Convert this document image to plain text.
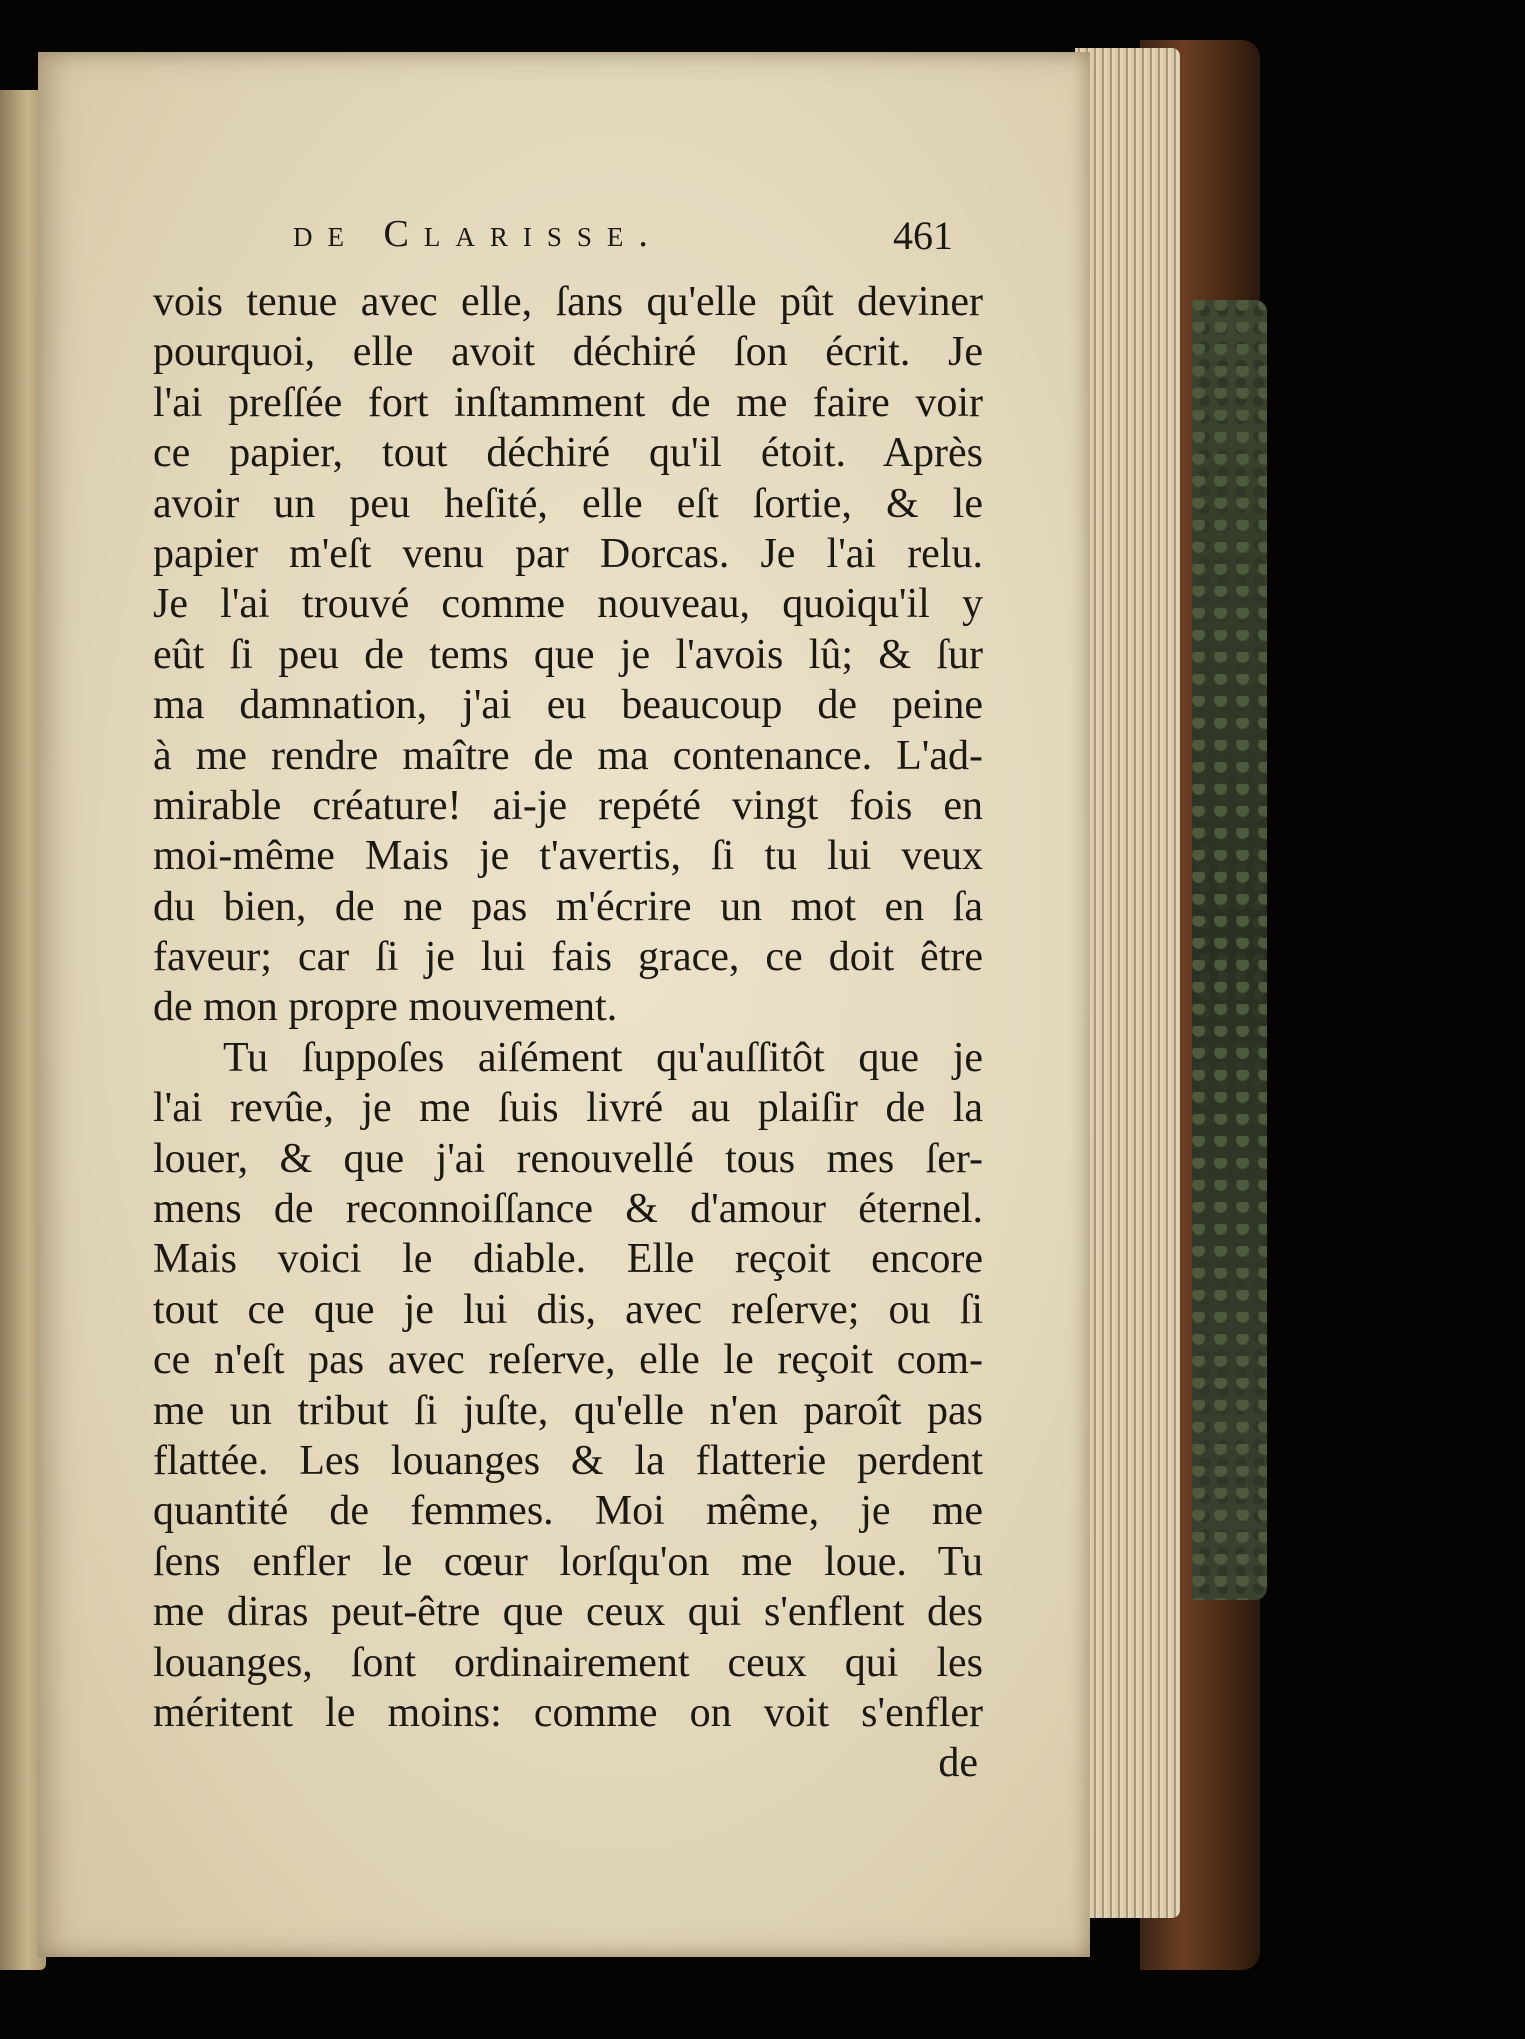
de Clarisse.	461
vois tenue avec elle, ſans qu'elle pût deviner
pourquoi, elle avoit déchiré ſon écrit. Je
l'ai preſſée fort inſtamment de me faire voir
ce papier, tout déchiré qu'il étoit. Après
avoir un peu heſité, elle eſt ſortie, & le
papier m'eſt venu par Dorcas. Je l'ai relu.
Je l'ai trouvé comme nouveau, quoiqu'il y
eût ſi peu de tems que je l'avois lû; & ſur
ma damnation, j'ai eu beaucoup de peine
à me rendre maître de ma contenance. L'ad-
mirable créature! ai-je repété vingt fois en
moi-même Mais je t'avertis, ſi tu lui veux
du bien, de ne pas m'écrire un mot en ſa
faveur; car ſi je lui fais grace, ce doit être
de mon propre mouvement.
Tu ſuppoſes aiſément qu'auſſitôt que je
l'ai revûe, je me ſuis livré au plaiſir de la
louer, & que j'ai renouvellé tous mes ſer-
mens de reconnoiſſance & d'amour éternel.
Mais voici le diable. Elle reçoit encore
tout ce que je lui dis, avec reſerve; ou ſi
ce n'eſt pas avec reſerve, elle le reçoit com-
me un tribut ſi juſte, qu'elle n'en paroît pas
flattée. Les louanges & la flatterie perdent
quantité de femmes. Moi même, je me
ſens enfler le cœur lorſqu'on me loue. Tu
me diras peut-être que ceux qui s'enflent des
louanges, ſont ordinairement ceux qui les
méritent le moins: comme on voit s'enfler
de
